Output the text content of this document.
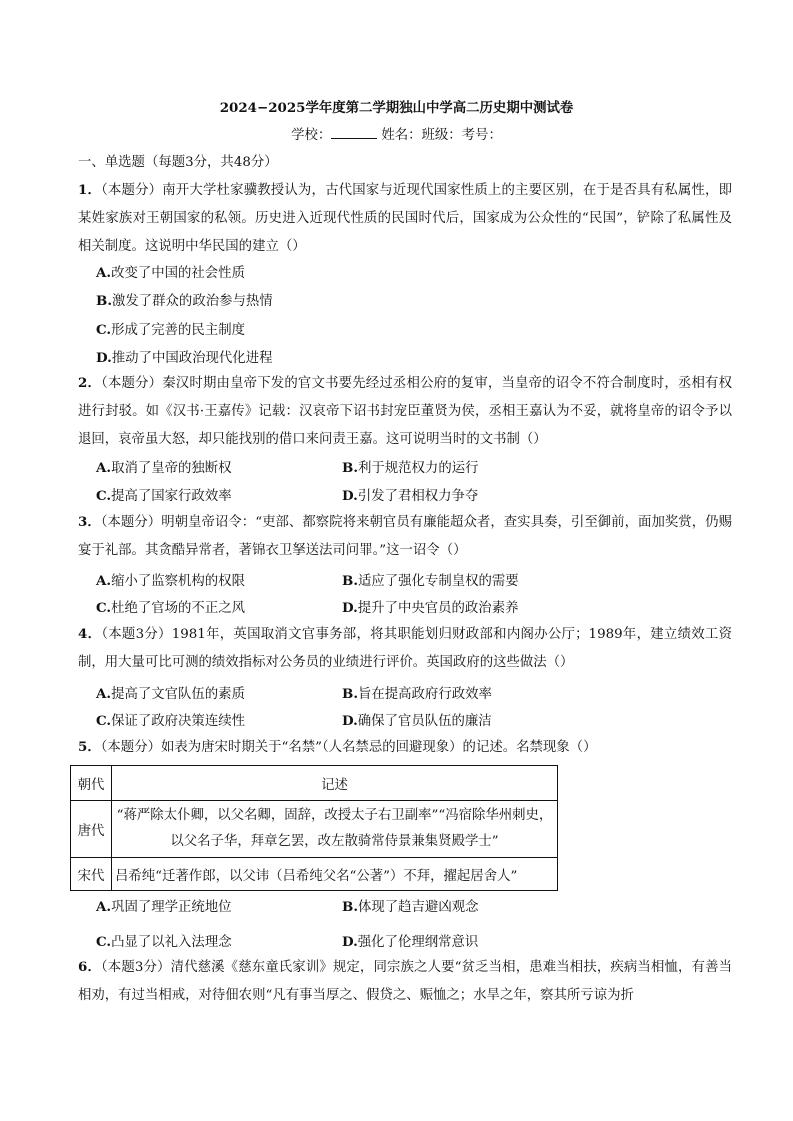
2024−2025学年度第二学期独山中学高二历史期中测试卷
学校：	姓名：班级：考号：
一、单选题（每题3分，共48分）
1．（本题分）南开大学杜家骥教授认为，古代国家与近现代国家性质上的主要区别，在于是否具有私属性，即某姓家族对王朝国家的私领。历史进入近现代性质的民国时代后，国家成为公众性的“民国”，铲除了私属性及相关制度。这说明中华民国的建立（）
A.改变了中国的社会性质
B.激发了群众的政治参与热情
C.形成了完善的民主制度
D.推动了中国政治现代化进程
2．（本题分）秦汉时期由皇帝下发的官文书要先经过丞相公府的复审，当皇帝的诏令不符合制度时，丞相有权进行封驳。如《汉书·王嘉传》记载：汉哀帝下诏书封宠臣董贤为侯，丞相王嘉认为不妥，就将皇帝的诏令予以退回，哀帝虽大怒，却只能找别的借口来问责王嘉。这可说明当时的文书制（）
A.取消了皇帝的独断权	B.利于规范权力的运行
C.提高了国家行政效率	D.引发了君相权力争夺
3．（本题分）明朝皇帝诏令：“吏部、都察院将来朝官员有廉能超众者，查实具奏，引至御前，面加奖赏，仍赐宴于礼部。其贪酷异常者，著锦衣卫拏送法司问罪。”这一诏令（）
A.缩小了监察机构的权限	B.适应了强化专制皇权的需要
C.杜绝了官场的不正之风	D.提升了中央官员的政治素养
4．（本题3分）1981年，英国取消文官事务部，将其职能划归财政部和内阁办公厅；1989年，建立绩效工资制，用大量可比可测的绩效指标对公务员的业绩进行评价。英国政府的这些做法（）
A.提高了文官队伍的素质	B.旨在提高政府行政效率
C.保证了政府决策连续性	D.确保了官员队伍的廉洁
5．（本题分）如表为唐宋时期关于“名禁”（人名禁忌的回避现象）的记述。名禁现象（）
朝代	记述
唐代	“蒋严除太仆卿，以父名卿，固辞，改授太子右卫副率”“冯宿除华州刺史，以父名子华，拜章乞罢，改左散骑常侍景兼集贤殿学士”
宋代	吕希纯“迁著作郎，以父讳（吕希纯父名“公著”）不拜，擢起居舍人”
A.巩固了理学正统地位	B.体现了趋吉避凶观念
C.凸显了以礼入法理念	D.强化了伦理纲常意识
6．（本题3分）清代慈溪《慈东童氏家训》规定，同宗族之人要“贫乏当相，患难当相扶，疾病当相恤，有善当相劝，有过当相戒，对待佃农则“凡有事当厚之、假贷之、赈恤之；水旱之年，察其所亏谅为折
